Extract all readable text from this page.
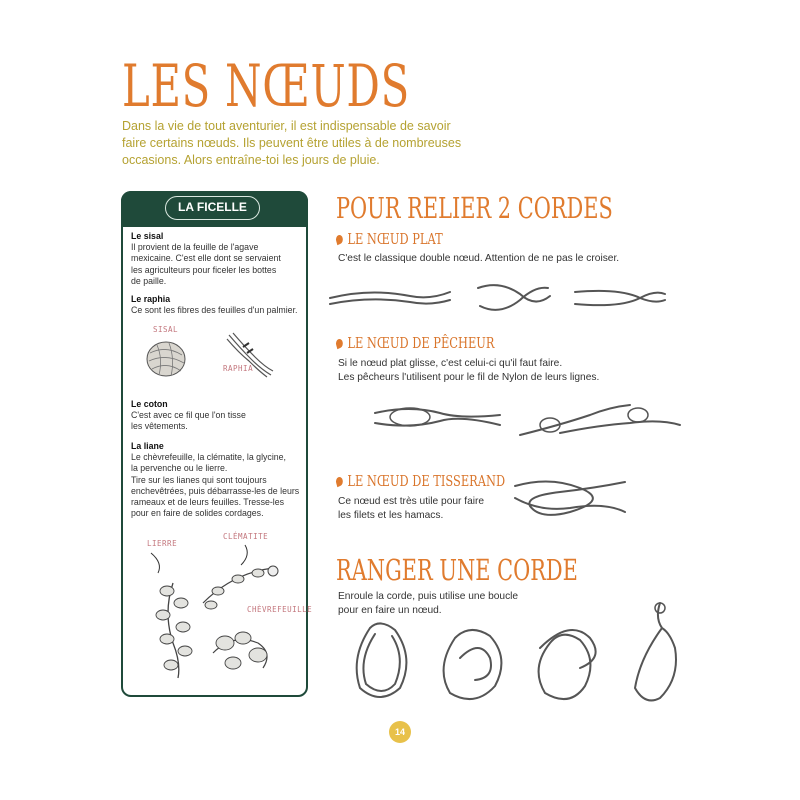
LES NŒUDS

Dans la vie de tout aventurier, il est indispensable de savoir

faire certains nœuds. Ils peuvent être utiles à de nombreuses

occasions. Alors entraîne-toi les jours de pluie.

LA FICELLE
Le sisal
Il provient de la feuille de l'agave
mexicaine. C'est elle dont se servaient
les agriculteurs pour ficeler les bottes
de paille.
Le raphia
Ce sont les fibres des feuilles d'un palmier.
SISAL
RAPHIA
Le coton
C'est avec ce fil que l'on tisse
les vêtements.
La liane
Le chèvrefeuille, la clématite, la glycine,
la pervenche ou le lierre.
Tire sur les lianes qui sont toujours
enchevêtrées, puis débarrasse-les de leurs
rameaux et de leurs feuilles. Tresse-les
pour en faire de solides cordages.
CLÉMATITE
LIERRE
CHÈVREFEUILLE
POUR RELIER 2 CORDES
LE NŒUD PLAT
C'est le classique double nœud. Attention de ne pas le croiser.
LE NŒUD DE PÊCHEUR
Si le nœud plat glisse, c'est celui-ci qu'il faut faire.
Les pêcheurs l'utilisent pour le fil de Nylon de leurs lignes.
LE NŒUD DE TISSERAND
Ce nœud est très utile pour faire
les filets et les hamacs.
RANGER UNE CORDE
Enroule la corde, puis utilise une boucle
pour en faire un nœud.
14
